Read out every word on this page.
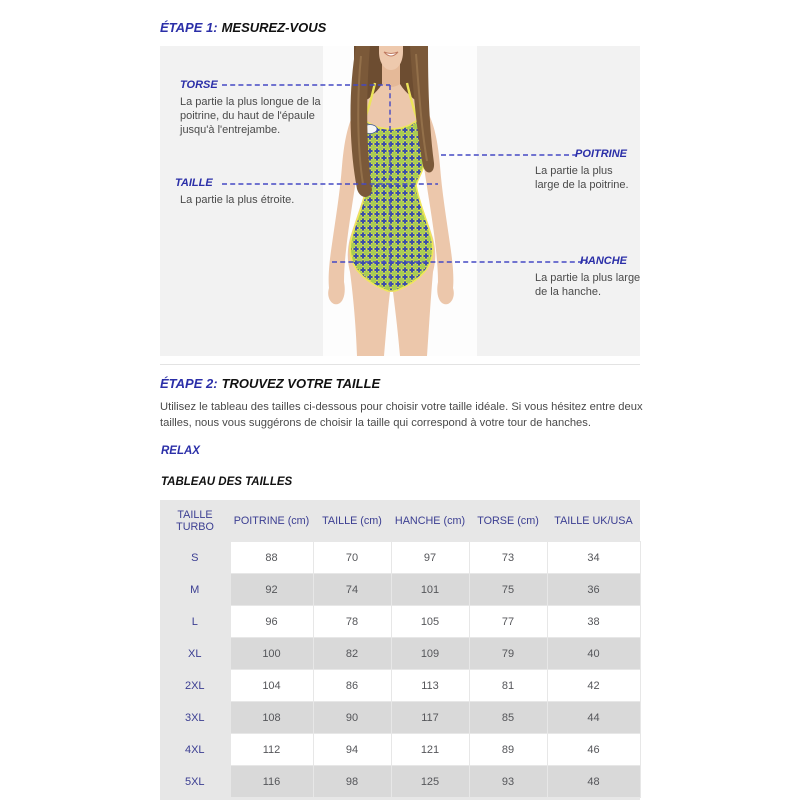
ÉTAPE 1: MESUREZ-VOUS
TORSE
La partie la plus longue de la poitrine, du haut de l'épaule jusqu'à l'entrejambe.
TAILLE
La partie la plus étroite.
POITRINE
La partie la plus large de la poitrine.
HANCHE
La partie la plus large de la hanche.
ÉTAPE 2: TROUVEZ VOTRE TAILLE
Utilisez le tableau des tailles ci-dessous pour choisir votre taille idéale. Si vous hésitez entre deux tailles, nous vous suggérons de choisir la taille qui correspond à votre tour de hanches.
RELAX
TABLEAU DES TAILLES
TAILLE TURBO	POITRINE (cm)	TAILLE (cm)	HANCHE (cm)	TORSE (cm)	TAILLE UK/USA
S	88	70	97	73	34
M	92	74	101	75	36
L	96	78	105	77	38
XL	100	82	109	79	40
2XL	104	86	113	81	42
3XL	108	90	117	85	44
4XL	112	94	121	89	46
5XL	116	98	125	93	48
